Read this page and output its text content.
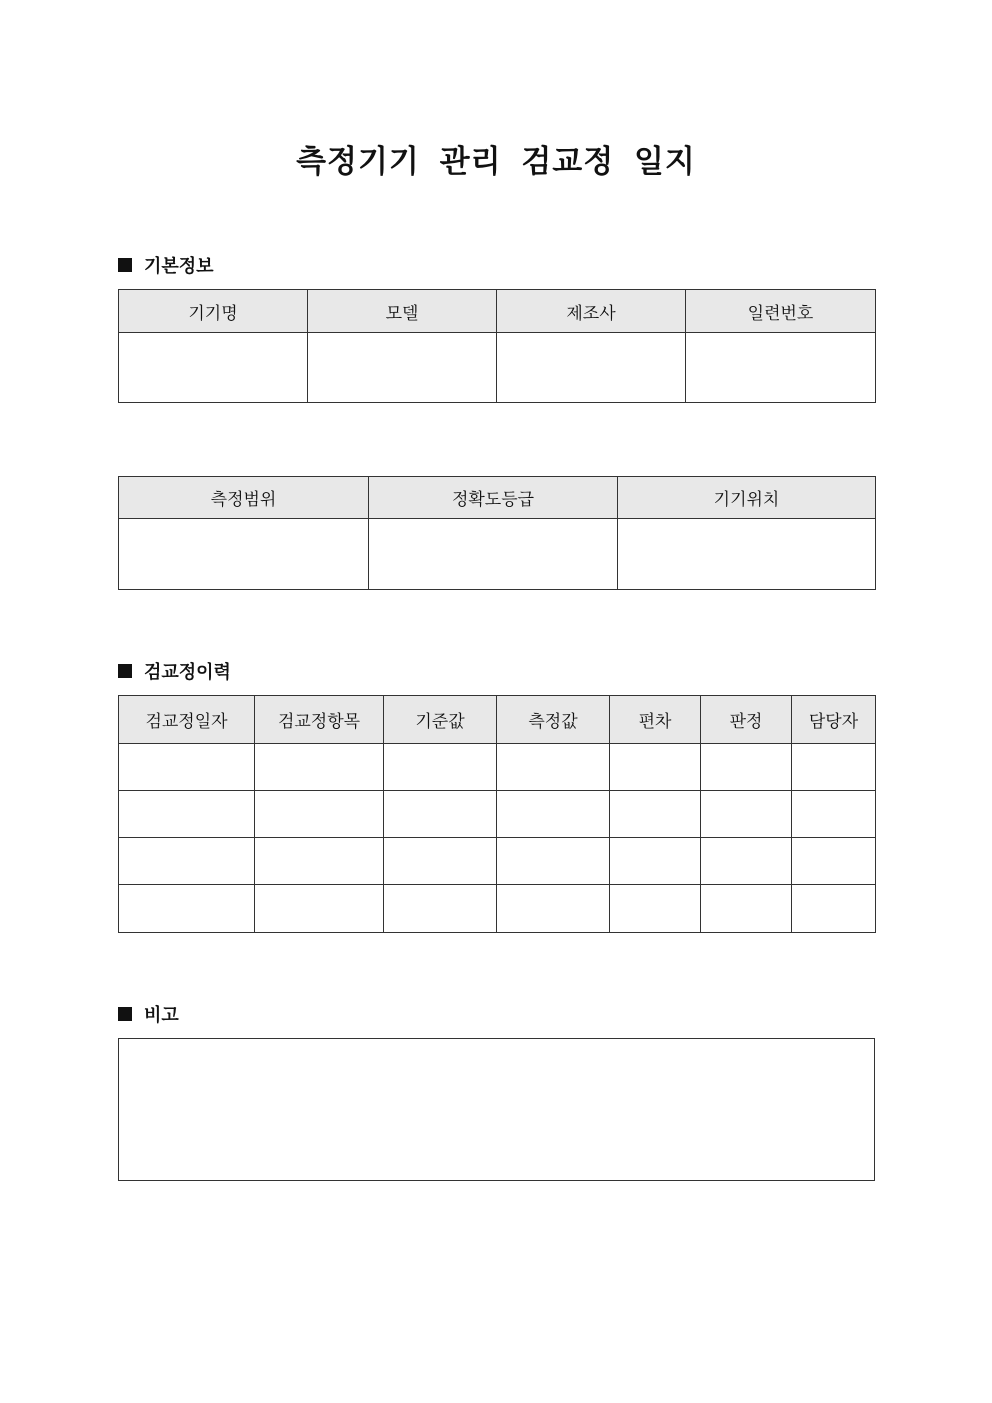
측정기기 관리 검교정 일지
기본정보
기기명	모델	제조사	일련번호

측정범위	정확도등급	기기위치

검교정이력
검교정일자	검교정항목	기준값	측정값	편차	판정	담당자

비고
